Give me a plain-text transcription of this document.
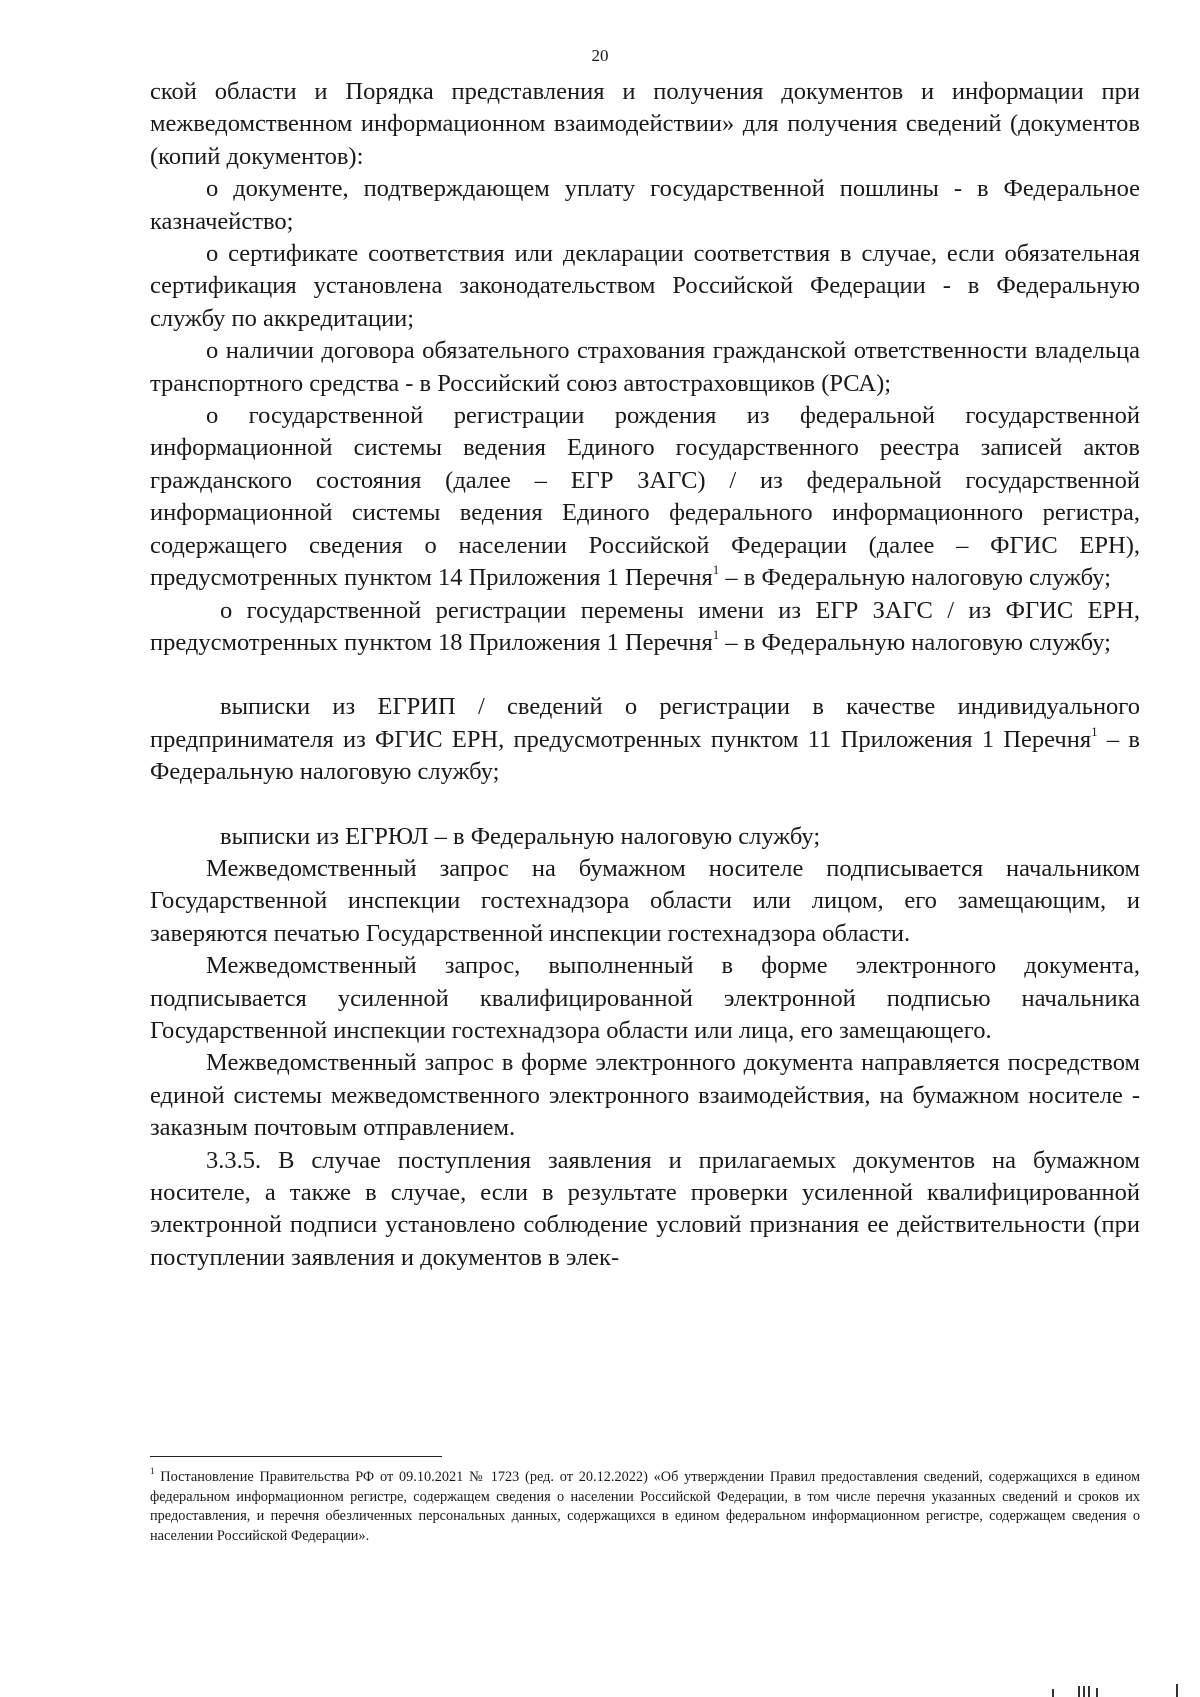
20

ской области и Порядка представления и получения документов и информации при межведомственном информационном взаимодействии» для получения сведений (документов (копий документов):

о документе, подтверждающем уплату государственной пошлины - в Федеральное казначейство;

о сертификате соответствия или декларации соответствия в случае, если обязательная сертификация установлена законодательством Российской Федерации - в Федеральную службу по аккредитации;

о наличии договора обязательного страхования гражданской ответственности владельца транспортного средства - в Российский союз автостраховщиков (РСА);

о государственной регистрации рождения из федеральной государственной информационной системы ведения Единого государственного реестра записей актов гражданского состояния (далее – ЕГР ЗАГС) / из федеральной государственной информационной системы ведения Единого федерального информационного регистра, содержащего сведения о населении Российской Федерации (далее – ФГИС ЕРН), предусмотренных пунктом 14 Приложения 1 Перечня$^1$ – в Федеральную налоговую службу;

о государственной регистрации перемены имени из ЕГР ЗАГС / из ФГИС ЕРН, предусмотренных пунктом 18 Приложения 1 Перечня$^1$ – в Федеральную налоговую службу;

выписки из ЕГРИП / сведений о регистрации в качестве индивидуального предпринимателя из ФГИС ЕРН, предусмотренных пунктом 11 Приложения 1 Перечня$^1$ – в Федеральную налоговую службу;

выписки из ЕГРЮЛ – в Федеральную налоговую службу;

Межведомственный запрос на бумажном носителе подписывается начальником Государственной инспекции гостехнадзора области или лицом, его замещающим, и заверяются печатью Государственной инспекции гостехнадзора области.

Межведомственный запрос, выполненный в форме электронного документа, подписывается усиленной квалифицированной электронной подписью начальника Государственной инспекции гостехнадзора области или лица, его замещающего.

Межведомственный запрос в форме электронного документа направляется посредством единой системы межведомственного электронного взаимодействия, на бумажном носителе - заказным почтовым отправлением.

3.3.5. В случае поступления заявления и прилагаемых документов на бумажном носителе, а также в случае, если в результате проверки усиленной квалифицированной электронной подписи установлено соблюдение условий признания ее действительности (при поступлении заявления и документов в элек-

$^1$ Постановление Правительства РФ от 09.10.2021 № 1723 (ред. от 20.12.2022) «Об утверждении Правил предоставления сведений, содержащихся в едином федеральном информационном регистре, содержащем сведения о населении Российской Федерации, в том числе перечня указанных сведений и сроков их предоставления, и перечня обезличенных персональных данных, содержащихся в едином федеральном информационном регистре, содержащем сведения о населении Российской Федерации».
